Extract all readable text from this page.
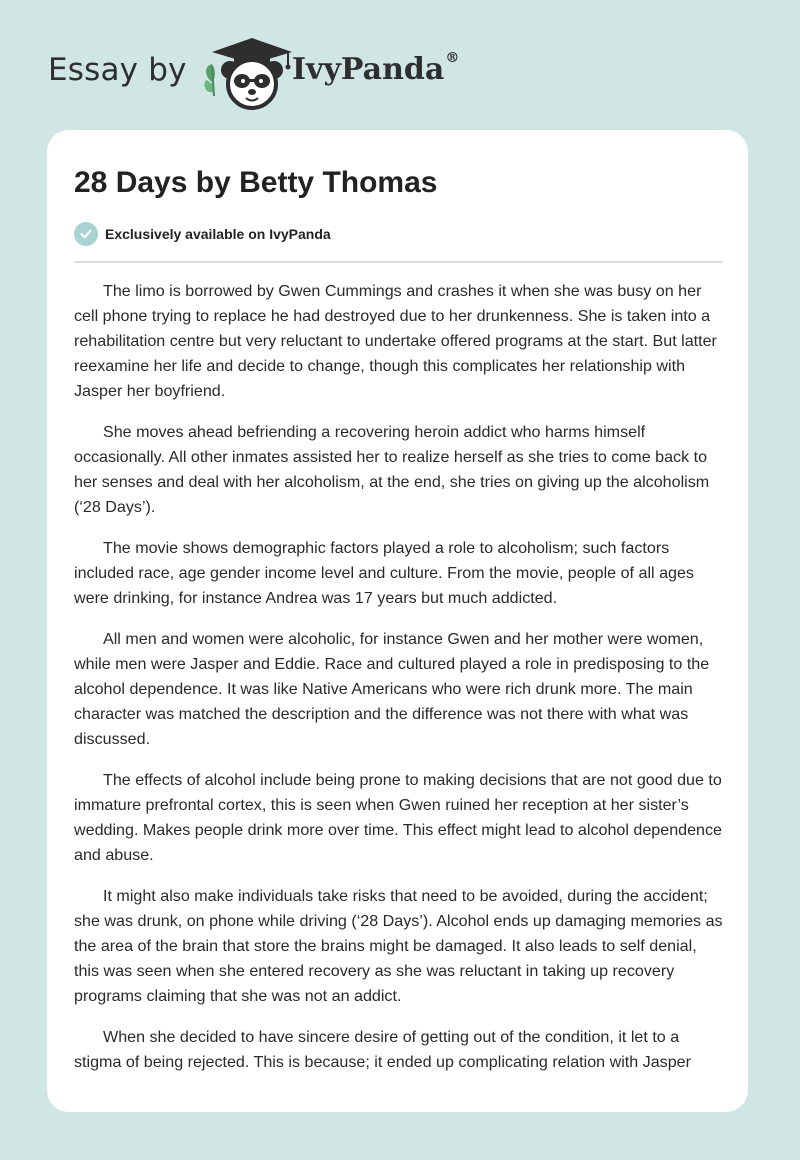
Essay by	IvyPanda®
28 Days by Betty Thomas
Exclusively available on IvyPanda

The limo is borrowed by Gwen Cummings and crashes it when she was busy on her cell phone trying to replace he had destroyed due to her drunkenness. She is taken into a rehabilitation centre but very reluctant to undertake offered programs at the start. But latter reexamine her life and decide to change, though this complicates her relationship with Jasper her boyfriend.

She moves ahead befriending a recovering heroin addict who harms himself occasionally. All other inmates assisted her to realize herself as she tries to come back to her senses and deal with her alcoholism, at the end, she tries on giving up the alcoholism (‘28 Days’).

The movie shows demographic factors played a role to alcoholism; such factors included race, age gender income level and culture. From the movie, people of all ages were drinking, for instance Andrea was 17 years but much addicted.

All men and women were alcoholic, for instance Gwen and her mother were women, while men were Jasper and Eddie. Race and cultured played a role in predisposing to the alcohol dependence. It was like Native Americans who were rich drunk more. The main character was matched the description and the difference was not there with what was discussed.

The effects of alcohol include being prone to making decisions that are not good due to immature prefrontal cortex, this is seen when Gwen ruined her reception at her sister’s wedding. Makes people drink more over time. This effect might lead to alcohol dependence and abuse.

It might also make individuals take risks that need to be avoided, during the accident; she was drunk, on phone while driving (‘28 Days’). Alcohol ends up damaging memories as the area of the brain that store the brains might be damaged. It also leads to self denial, this was seen when she entered recovery as she was reluctant in taking up recovery programs claiming that she was not an addict.

When she decided to have sincere desire of getting out of the condition, it let to a stigma of being rejected. This is because; it ended up complicating relation with Jasper
